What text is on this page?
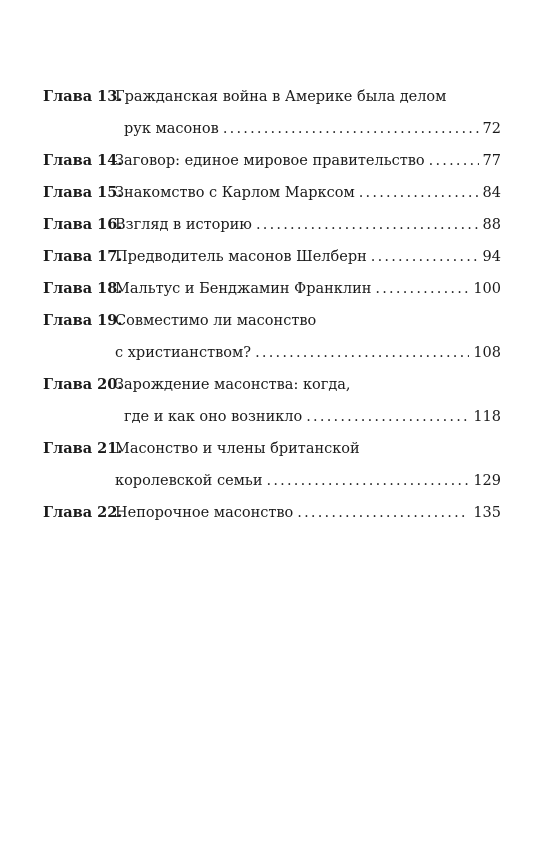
Глава 13.
Гражданская война в Америке была делом
рук масонов . . .	72
Глава 14.
Заговор: единое мировое правительство . . .	77
Глава 15.
Знакомство с Карлом Марксом . . .	84
Глава 16.
Взгляд в историю . . .	88
Глава 17.
Предводитель масонов Шелберн . . .	94
Глава 18.
Мальтус и Бенджамин Франклин . . .	100
Глава 19.
Совместимо ли масонство
с христианством? . . .	108
Глава 20.
Зарождение масонства: когда,
где и как оно возникло . . .	118
Глава 21.
Масонство и члены британской
королевской семьи . . .	129
Глава 22.
Непорочное масонство . . .	135
